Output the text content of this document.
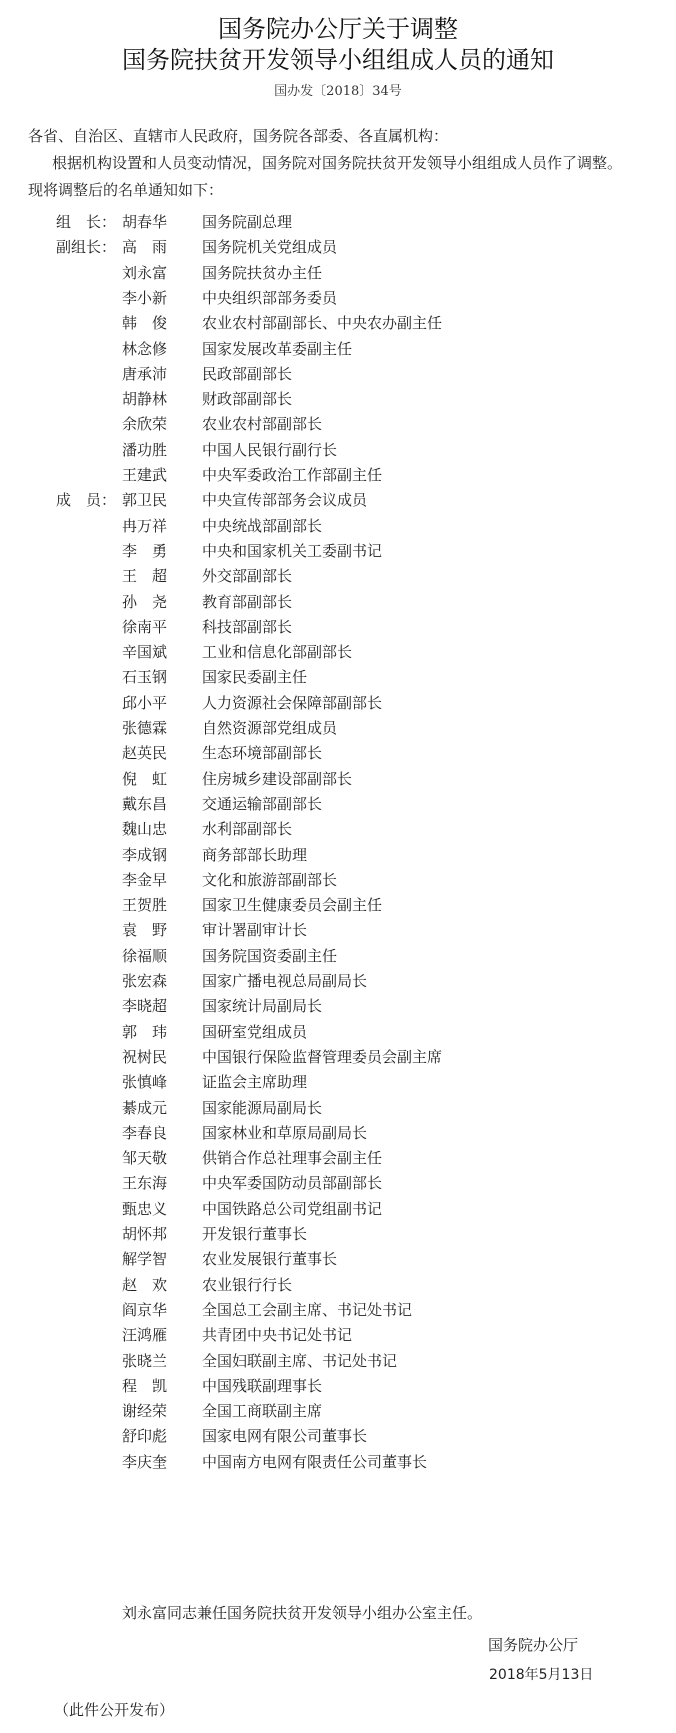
国务院办公厅关于调整
国务院扶贫开发领导小组组成人员的通知
国办发〔2018〕34号
各省、自治区、直辖市人民政府，国务院各部委、各直属机构：
根据机构设置和人员变动情况，国务院对国务院扶贫开发领导小组组成人员作了调整。
现将调整后的名单通知如下：
组　长： 胡春华	国务院副总理
副组长： 高　雨	国务院机关党组成员
刘永富	国务院扶贫办主任
李小新	中央组织部部务委员
韩　俊	农业农村部副部长、中央农办副主任
林念修	国家发展改革委副主任
唐承沛	民政部副部长
胡静林	财政部副部长
余欣荣	农业农村部副部长
潘功胜	中国人民银行副行长
王建武	中央军委政治工作部副主任
成　员： 郭卫民	中央宣传部部务会议成员
冉万祥	中央统战部副部长
李　勇	中央和国家机关工委副书记
王　超	外交部副部长
孙　尧	教育部副部长
徐南平	科技部副部长
辛国斌	工业和信息化部副部长
石玉钢	国家民委副主任
邱小平	人力资源社会保障部副部长
张德霖	自然资源部党组成员
赵英民	生态环境部副部长
倪　虹	住房城乡建设部副部长
戴东昌	交通运输部副部长
魏山忠	水利部副部长
李成钢	商务部部长助理
李金早	文化和旅游部副部长
王贺胜	国家卫生健康委员会副主任
袁　野	审计署副审计长
徐福顺	国务院国资委副主任
张宏森	国家广播电视总局副局长
李晓超	国家统计局副局长
郭　玮	国研室党组成员
祝树民	中国银行保险监督管理委员会副主席
张慎峰	证监会主席助理
綦成元	国家能源局副局长
李春良	国家林业和草原局副局长
邹天敬	供销合作总社理事会副主任
王东海	中央军委国防动员部副部长
甄忠义	中国铁路总公司党组副书记
胡怀邦	开发银行董事长
解学智	农业发展银行董事长
赵　欢	农业银行行长
阎京华	全国总工会副主席、书记处书记
汪鸿雁	共青团中央书记处书记
张晓兰	全国妇联副主席、书记处书记
程　凯	中国残联副理事长
谢经荣	全国工商联副主席
舒印彪	国家电网有限公司董事长
李庆奎	中国南方电网有限责任公司董事长
刘永富同志兼任国务院扶贫开发领导小组办公室主任。
国务院办公厅
2018年5月13日
（此件公开发布）
